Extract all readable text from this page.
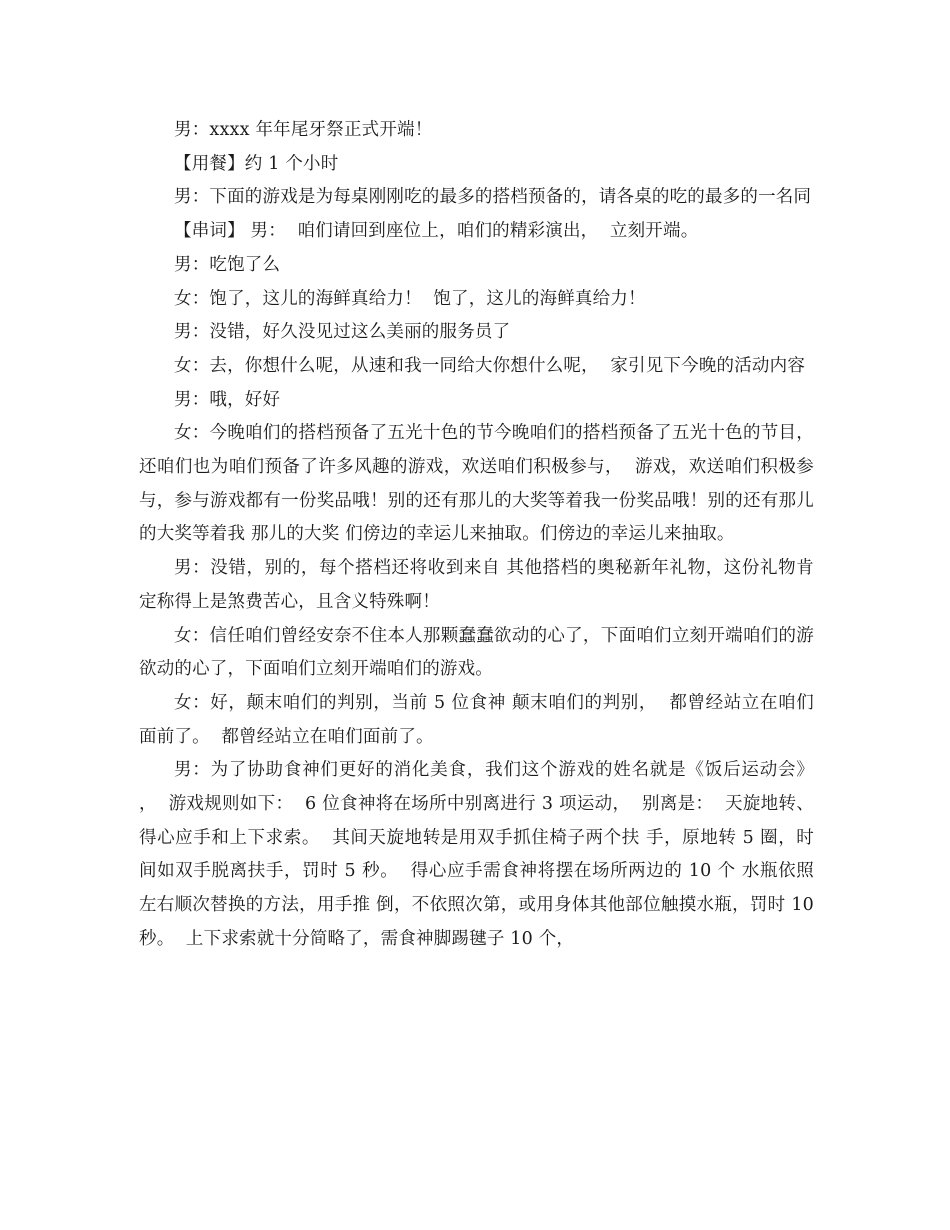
男：xxxx 年年尾牙祭正式开端！

【用餐】约 1 个小时

男：下面的游戏是为每桌刚刚吃的最多的搭档预备的，请各桌的吃的最多的一名同

【串词】 男：  咱们请回到座位上，咱们的精彩演出，  立刻开端。

男：吃饱了么

女：饱了，这儿的海鲜真给力！  饱了，这儿的海鲜真给力！

男：没错，好久没见过这么美丽的服务员了

女：去，你想什么呢，从速和我一同给大你想什么呢，  家引见下今晚的活动内容

男：哦，好好

女：今晚咱们的搭档预备了五光十色的节今晚咱们的搭档预备了五光十色的节目，还咱们也为咱们预备了许多风趣的游戏，欢送咱们积极参与，  游戏，欢送咱们积极参与，参与游戏都有一份奖品哦！别的还有那儿的大奖等着我一份奖品哦！别的还有那儿的大奖等着我 那儿的大奖 们傍边的幸运儿来抽取。们傍边的幸运儿来抽取。

男：没错，别的，每个搭档还将收到来自 其他搭档的奥秘新年礼物，这份礼物肯定称得上是煞费苦心，且含义特殊啊！

女：信任咱们曾经安奈不住本人那颗蠢蠢欲动的心了，下面咱们立刻开端咱们的游 欲动的心了，下面咱们立刻开端咱们的游戏。

女：好，颠末咱们的判别，当前 5 位食神 颠末咱们的判别，  都曾经站立在咱们面前了。  都曾经站立在咱们面前了。

男：为了协助食神们更好的消化美食，我们这个游戏的姓名就是《饭后运动会》 ，  游戏规则如下：  6 位食神将在场所中别离进行 3 项运动，  别离是：  天旋地转、  得心应手和上下求索。  其间天旋地转是用双手抓住椅子两个扶 手，原地转 5 圈，时间如双手脱离扶手，罚时 5 秒。  得心应手需食神将摆在场所两边的 10 个 水瓶依照左右顺次替换的方法，用手推 倒，不依照次第，或用身体其他部位触摸水瓶，罚时 10 秒。  上下求索就十分简略了，需食神脚踢毽子 10 个，
